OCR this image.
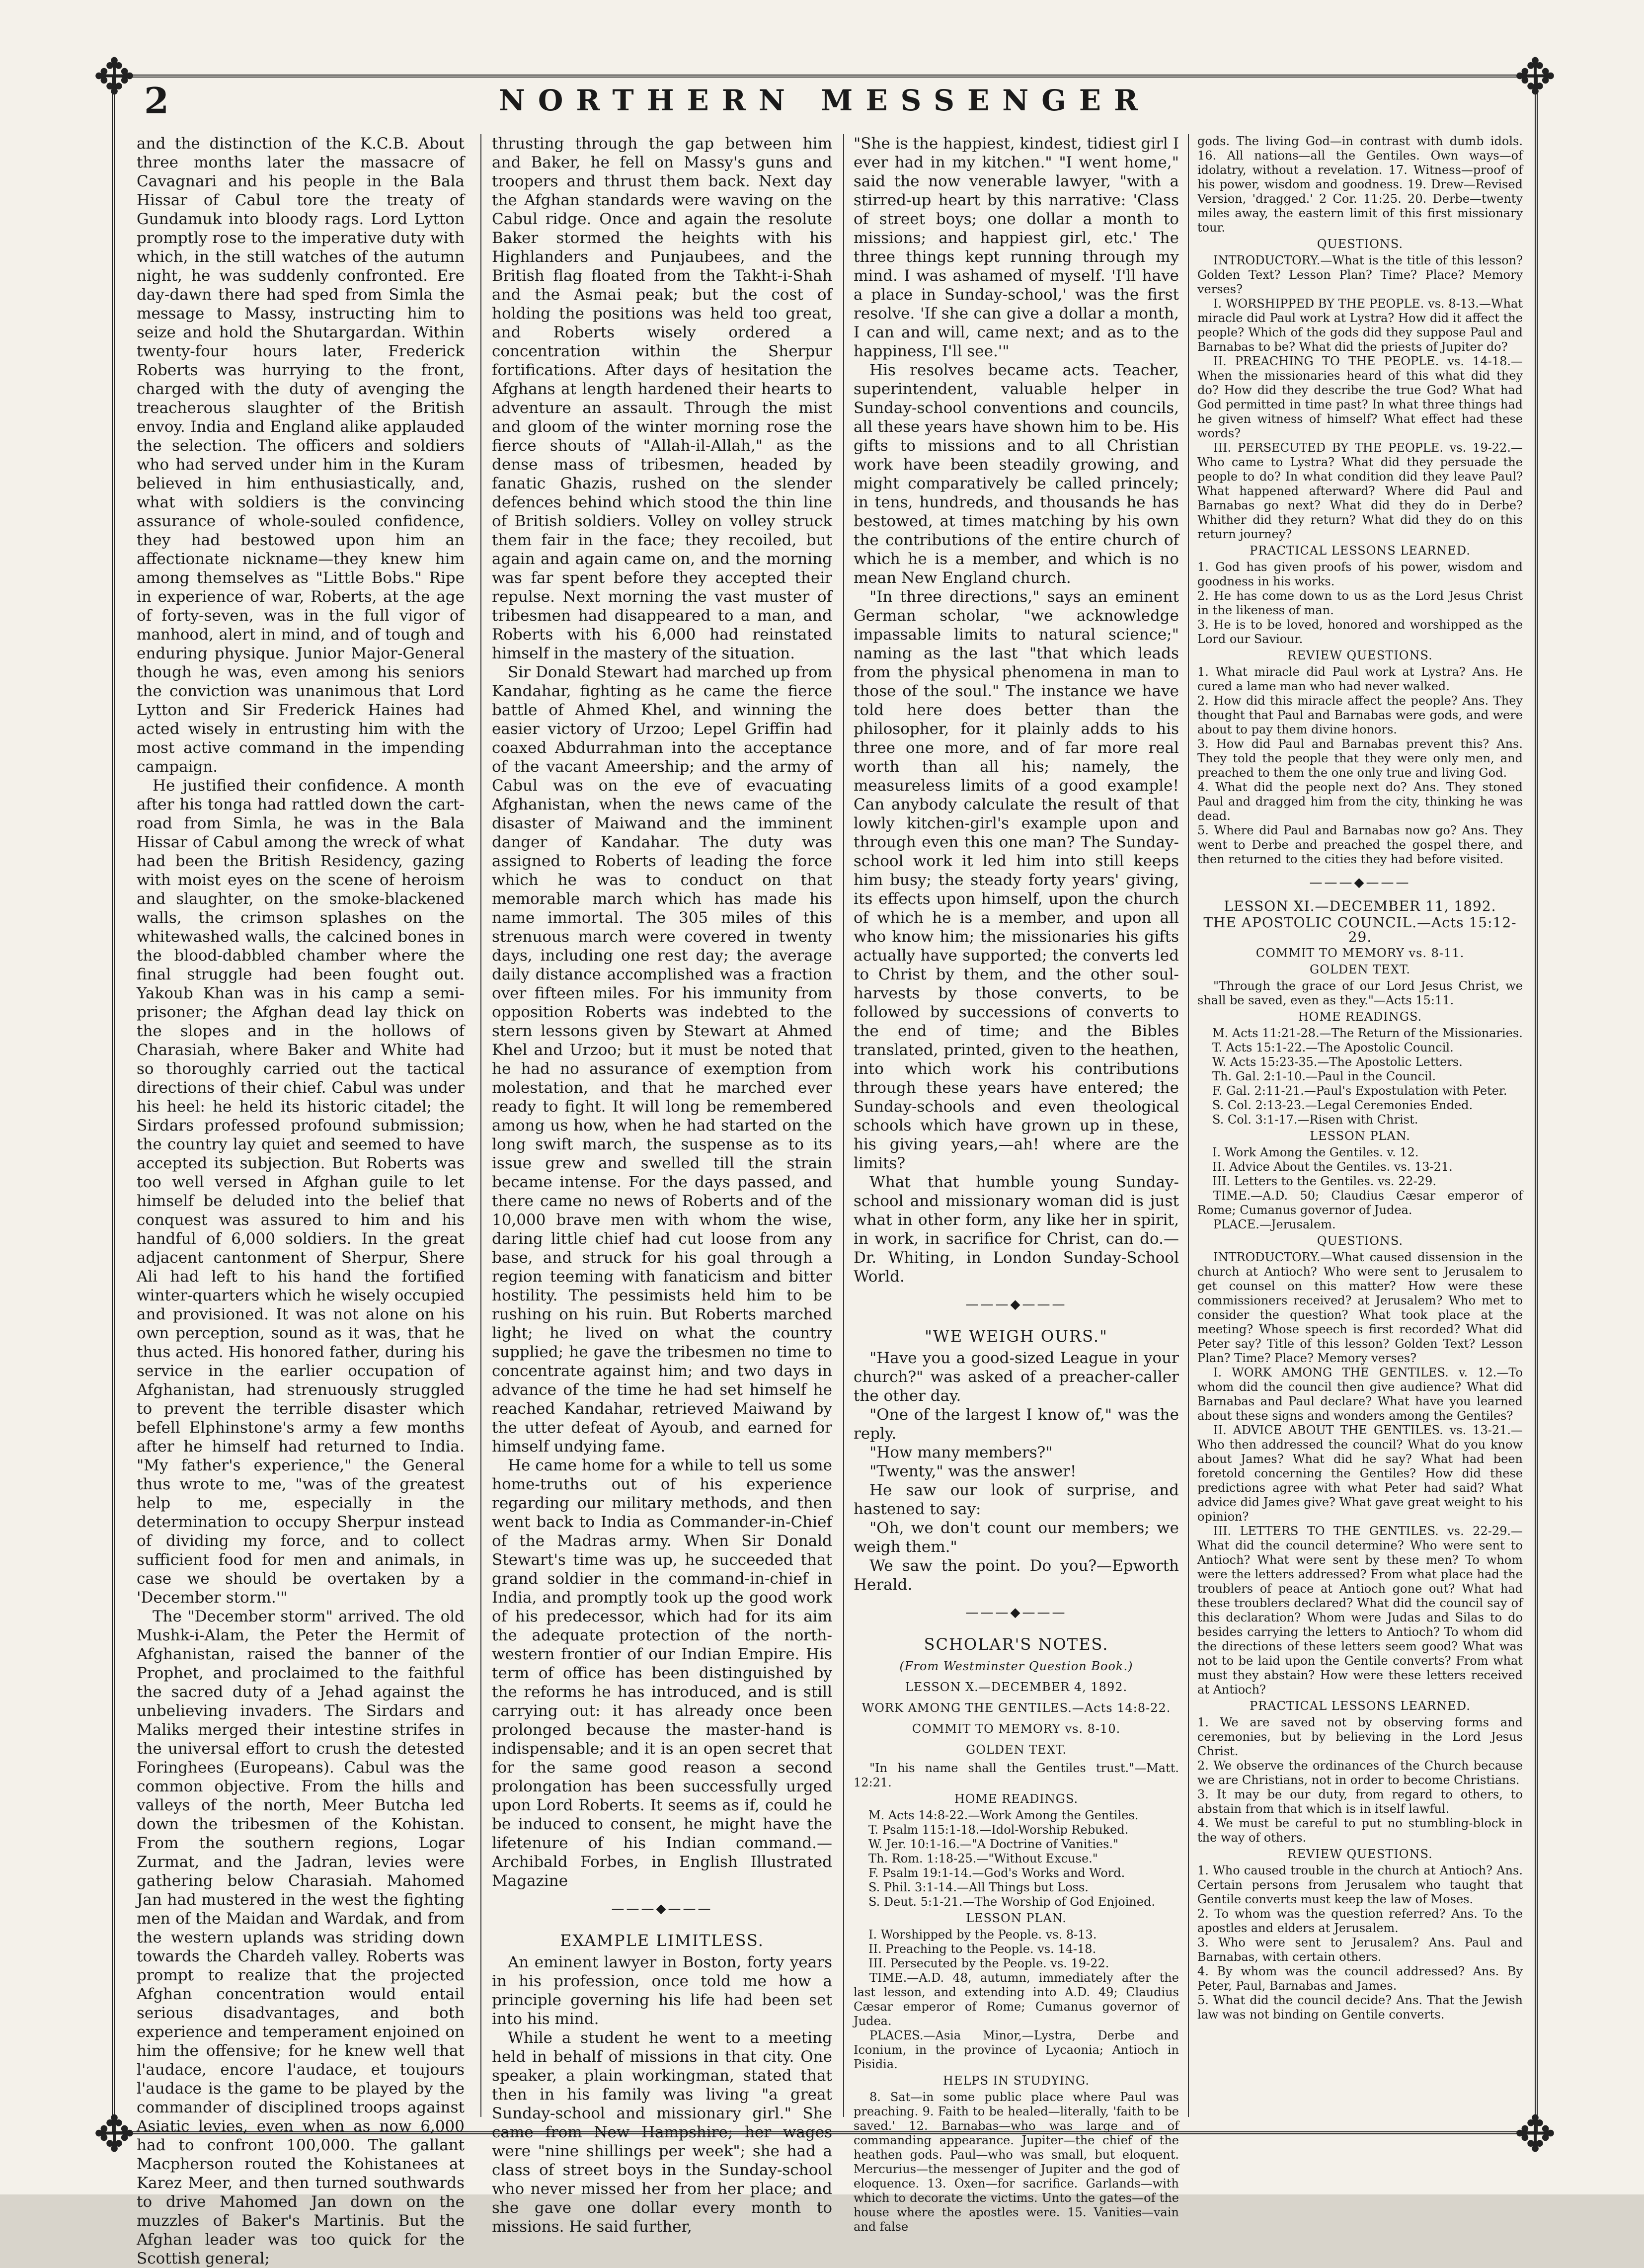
✥	✥
✥	✥
2	NORTHERN MESSENGER

and the distinction of the K.C.B. About three months later the massacre of Cavagnari and his people in the Bala Hissar of Cabul tore the treaty of Gundamuk into bloody rags. Lord Lytton promptly rose to the imperative duty with which, in the still watches of the autumn night, he was suddenly confronted. Ere day-dawn there had sped from Simla the message to Massy, instructing him to seize and hold the Shutargardan. Within twenty-four hours later, Frederick Roberts was hurrying to the front, charged with the duty of avenging the treacherous slaughter of the British envoy. India and England alike applauded the selection. The officers and soldiers who had served under him in the Kuram believed in him enthusiastically, and, what with soldiers is the convincing assurance of whole-souled confidence, they had bestowed upon him an affectionate nickname—they knew him among themselves as "Little Bobs." Ripe in experience of war, Roberts, at the age of forty-seven, was in the full vigor of manhood, alert in mind, and of tough and enduring physique. Junior Major-General though he was, even among his seniors the conviction was unanimous that Lord Lytton and Sir Frederick Haines had acted wisely in entrusting him with the most active command in the impending campaign.

He justified their confidence. A month after his tonga had rattled down the cart-road from Simla, he was in the Bala Hissar of Cabul among the wreck of what had been the British Residency, gazing with moist eyes on the scene of heroism and slaughter, on the smoke-blackened walls, the crimson splashes on the whitewashed walls, the calcined bones in the blood-dabbled chamber where the final struggle had been fought out. Yakoub Khan was in his camp a semi-prisoner; the Afghan dead lay thick on the slopes and in the hollows of Charasiah, where Baker and White had so thoroughly carried out the tactical directions of their chief. Cabul was under his heel: he held its historic citadel; the Sirdars professed profound submission; the country lay quiet and seemed to have accepted its subjection. But Roberts was too well versed in Afghan guile to let himself be deluded into the belief that conquest was assured to him and his handful of 6,000 soldiers. In the great adjacent cantonment of Sherpur, Shere Ali had left to his hand the fortified winter-quarters which he wisely occupied and provisioned. It was not alone on his own perception, sound as it was, that he thus acted. His honored father, during his service in the earlier occupation of Afghanistan, had strenuously struggled to prevent the terrible disaster which befell Elphinstone's army a few months after he himself had returned to India. "My father's experience," the General thus wrote to me, "was of the greatest help to me, especially in the determination to occupy Sherpur instead of dividing my force, and to collect sufficient food for men and animals, in case we should be overtaken by a 'December storm.'"

The "December storm" arrived. The old Mushk-i-Alam, the Peter the Hermit of Afghanistan, raised the banner of the Prophet, and proclaimed to the faithful the sacred duty of a Jehad against the unbelieving invaders. The Sirdars and Maliks merged their intestine strifes in the universal effort to crush the detested Foringhees (Europeans). Cabul was the common objective. From the hills and valleys of the north, Meer Butcha led down the tribesmen of the Kohistan. From the southern regions, Logar Zurmat, and the Jadran, levies were gathering below Charasiah. Mahomed Jan had mustered in the west the fighting men of the Maidan and Wardak, and from the western uplands was striding down towards the Chardeh valley. Roberts was prompt to realize that the projected Afghan concentration would entail serious disadvantages, and both experience and temperament enjoined on him the offensive; for he knew well that l'audace, encore l'audace, et toujours l'audace is the game to be played by the commander of disciplined troops against Asiatic levies, even when as now 6,000 had to confront 100,000. The gallant Macpherson routed the Kohistanees at Karez Meer, and then turned southwards to drive Mahomed Jan down on the muzzles of Baker's Martinis. But the Afghan leader was too quick for the Scottish general;

thrusting through the gap between him and Baker, he fell on Massy's guns and troopers and thrust them back. Next day the Afghan standards were waving on the Cabul ridge. Once and again the resolute Baker stormed the heights with his Highlanders and Punjaubees, and the British flag floated from the Takht-i-Shah and the Asmai peak; but the cost of holding the positions was held too great, and Roberts wisely ordered a concentration within the Sherpur fortifications. After days of hesitation the Afghans at length hardened their hearts to adventure an assault. Through the mist and gloom of the winter morning rose the fierce shouts of "Allah-il-Allah," as the dense mass of tribesmen, headed by fanatic Ghazis, rushed on the slender defences behind which stood the thin line of British soldiers. Volley on volley struck them fair in the face; they recoiled, but again and again came on, and the morning was far spent before they accepted their repulse. Next morning the vast muster of tribesmen had disappeared to a man, and Roberts with his 6,000 had reinstated himself in the mastery of the situation.

Sir Donald Stewart had marched up from Kandahar, fighting as he came the fierce battle of Ahmed Khel, and winning the easier victory of Urzoo; Lepel Griffin had coaxed Abdurrahman into the acceptance of the vacant Ameership; and the army of Cabul was on the eve of evacuating Afghanistan, when the news came of the disaster of Maiwand and the imminent danger of Kandahar. The duty was assigned to Roberts of leading the force which he was to conduct on that memorable march which has made his name immortal. The 305 miles of this strenuous march were covered in twenty days, including one rest day; the average daily distance accomplished was a fraction over fifteen miles. For his immunity from opposition Roberts was indebted to the stern lessons given by Stewart at Ahmed Khel and Urzoo; but it must be noted that he had no assurance of exemption from molestation, and that he marched ever ready to fight. It will long be remembered among us how, when he had started on the long swift march, the suspense as to its issue grew and swelled till the strain became intense. For the days passed, and there came no news of Roberts and of the 10,000 brave men with whom the wise, daring little chief had cut loose from any base, and struck for his goal through a region teeming with fanaticism and bitter hostility. The pessimists held him to be rushing on his ruin. But Roberts marched light; he lived on what the country supplied; he gave the tribesmen no time to concentrate against him; and two days in advance of the time he had set himself he reached Kandahar, retrieved Maiwand by the utter defeat of Ayoub, and earned for himself undying fame.

He came home for a while to tell us some home-truths out of his experience regarding our military methods, and then went back to India as Commander-in-Chief of the Madras army. When Sir Donald Stewart's time was up, he succeeded that grand soldier in the command-in-chief in India, and promptly took up the good work of his predecessor, which had for its aim the adequate protection of the north-western frontier of our Indian Empire. His term of office has been distinguished by the reforms he has introduced, and is still carrying out: it has already once been prolonged because the master-hand is indispensable; and it is an open secret that for the same good reason a second prolongation has been successfully urged upon Lord Roberts. It seems as if, could he be induced to consent, he might have the lifetenure of his Indian command.—Archibald Forbes, in English Illustrated Magazine

———◆———
EXAMPLE LIMITLESS.

An eminent lawyer in Boston, forty years in his profession, once told me how a principle governing his life had been set into his mind.

While a student he went to a meeting held in behalf of missions in that city. One speaker, a plain workingman, stated that then in his family was living "a great Sunday-school and missionary girl." She came from New Hampshire; her wages were "nine shillings per week"; she had a class of street boys in the Sunday-school who never missed her from her place; and she gave one dollar every month to missions. He said further,

"She is the happiest, kindest, tidiest girl I ever had in my kitchen." "I went home," said the now venerable lawyer, "with a stirred-up heart by this narrative: 'Class of street boys; one dollar a month to missions; and happiest girl, etc.' The three things kept running through my mind. I was ashamed of myself. 'I'll have a place in Sunday-school,' was the first resolve. 'If she can give a dollar a month, I can and will, came next; and as to the happiness, I'll see.'"

His resolves became acts. Teacher, superintendent, valuable helper in Sunday-school conventions and councils, all these years have shown him to be. His gifts to missions and to all Christian work have been steadily growing, and might comparatively be called princely; in tens, hundreds, and thousands he has bestowed, at times matching by his own the contributions of the entire church of which he is a member, and which is no mean New England church.

"In three directions," says an eminent German scholar, "we acknowledge impassable limits to natural science;" naming as the last "that which leads from the physical phenomena in man to those of the soul." The instance we have told here does better than the philosopher, for it plainly adds to his three one more, and of far more real worth than all his; namely, the measureless limits of a good example! Can anybody calculate the result of that lowly kitchen-girl's example upon and through even this one man? The Sunday-school work it led him into still keeps him busy; the steady forty years' giving, its effects upon himself, upon the church of which he is a member, and upon all who know him; the missionaries his gifts actually have supported; the converts led to Christ by them, and the other soul-harvests by those converts, to be followed by successions of converts to the end of time; and the Bibles translated, printed, given to the heathen, into which work his contributions through these years have entered; the Sunday-schools and even theological schools which have grown up in these, his giving years,—ah! where are the limits?

What that humble young Sunday-school and missionary woman did is just what in other form, any like her in spirit, in work, in sacrifice for Christ, can do.—Dr. Whiting, in London Sunday-School World.

———◆———
"WE WEIGH OURS."

"Have you a good-sized League in your church?" was asked of a preacher-caller the other day.

"One of the largest I know of," was the reply.

"How many members?"

"Twenty," was the answer!

He saw our look of surprise, and hastened to say:

"Oh, we don't count our members; we weigh them."

We saw the point. Do you?—Epworth Herald.

———◆———
SCHOLAR'S NOTES.
(From Westminster Question Book.)
LESSON X.—DECEMBER 4, 1892.
WORK AMONG THE GENTILES.—Acts 14:8-22.
COMMIT TO MEMORY vs. 8-10.
GOLDEN TEXT.

"In his name shall the Gentiles trust."—Matt. 12:21.

HOME READINGS.
M. Acts 14:8-22.—Work Among the Gentiles.
T. Psalm 115:1-18.—Idol-Worship Rebuked.
W. Jer. 10:1-16.—"A Doctrine of Vanities."
Th. Rom. 1:18-25.—"Without Excuse."
F. Psalm 19:1-14.—God's Works and Word.
S. Phil. 3:1-14.—All Things but Loss.
S. Deut. 5:1-21.—The Worship of God Enjoined.
LESSON PLAN.
I. Worshipped by the People. vs. 8-13.
II. Preaching to the People. vs. 14-18.
III. Persecuted by the People. vs. 19-22.

TIME.—A.D. 48, autumn, immediately after the last lesson, and extending into A.D. 49; Claudius Cæsar emperor of Rome; Cumanus governor of Judea.

PLACES.—Asia Minor,—Lystra, Derbe and Iconium, in the province of Lycaonia; Antioch in Pisidia.

HELPS IN STUDYING.

8. Sat—in some public place where Paul was preaching. 9. Faith to be healed—literally, 'faith to be saved.' 12. Barnabas—who was large and of commanding appearance. Jupiter—the chief of the heathen gods. Paul—who was small, but eloquent. Mercurius—the messenger of Jupiter and the god of eloquence. 13. Oxen—for sacrifice. Garlands—with which to decorate the victims. Unto the gates—of the house where the apostles were. 15. Vanities—vain and false

gods. The living God—in contrast with dumb idols. 16. All nations—all the Gentiles. Own ways—of idolatry, without a revelation. 17. Witness—proof of his power, wisdom and goodness. 19. Drew—Revised Version, 'dragged.' 2 Cor. 11:25. 20. Derbe—twenty miles away, the eastern limit of this first missionary tour.

QUESTIONS.

INTRODUCTORY.—What is the title of this lesson? Golden Text? Lesson Plan? Time? Place? Memory verses?

I. WORSHIPPED BY THE PEOPLE. vs. 8-13.—What miracle did Paul work at Lystra? How did it affect the people? Which of the gods did they suppose Paul and Barnabas to be? What did the priests of Jupiter do?

II. PREACHING TO THE PEOPLE. vs. 14-18.—When the missionaries heard of this what did they do? How did they describe the true God? What had God permitted in time past? In what three things had he given witness of himself? What effect had these words?

III. PERSECUTED BY THE PEOPLE. vs. 19-22.—Who came to Lystra? What did they persuade the people to do? In what condition did they leave Paul? What happened afterward? Where did Paul and Barnabas go next? What did they do in Derbe? Whither did they return? What did they do on this return journey?

PRACTICAL LESSONS LEARNED.
1. God has given proofs of his power, wisdom and goodness in his works.
2. He has come down to us as the Lord Jesus Christ in the likeness of man.
3. He is to be loved, honored and worshipped as the Lord our Saviour.
REVIEW QUESTIONS.
1. What miracle did Paul work at Lystra? Ans. He cured a lame man who had never walked.
2. How did this miracle affect the people? Ans. They thought that Paul and Barnabas were gods, and were about to pay them divine honors.
3. How did Paul and Barnabas prevent this? Ans. They told the people that they were only men, and preached to them the one only true and living God.
4. What did the people next do? Ans. They stoned Paul and dragged him from the city, thinking he was dead.
5. Where did Paul and Barnabas now go? Ans. They went to Derbe and preached the gospel there, and then returned to the cities they had before visited.
———◆———
LESSON XI.—DECEMBER 11, 1892.
THE APOSTOLIC COUNCIL.—Acts 15:12-29.
COMMIT TO MEMORY vs. 8-11.
GOLDEN TEXT.

"Through the grace of our Lord Jesus Christ, we shall be saved, even as they."—Acts 15:11.

HOME READINGS.
M. Acts 11:21-28.—The Return of the Missionaries.
T. Acts 15:1-22.—The Apostolic Council.
W. Acts 15:23-35.—The Apostolic Letters.
Th. Gal. 2:1-10.—Paul in the Council.
F. Gal. 2:11-21.—Paul's Expostulation with Peter.
S. Col. 2:13-23.—Legal Ceremonies Ended.
S. Col. 3:1-17.—Risen with Christ.
LESSON PLAN.
I. Work Among the Gentiles. v. 12.
II. Advice About the Gentiles. vs. 13-21.
III. Letters to the Gentiles. vs. 22-29.

TIME.—A.D. 50; Claudius Cæsar emperor of Rome; Cumanus governor of Judea.

PLACE.—Jerusalem.

QUESTIONS.

INTRODUCTORY.—What caused dissension in the church at Antioch? Who were sent to Jerusalem to get counsel on this matter? How were these commissioners received? at Jerusalem? Who met to consider the question? What took place at the meeting? Whose speech is first recorded? What did Peter say? Title of this lesson? Golden Text? Lesson Plan? Time? Place? Memory verses?

I. WORK AMONG THE GENTILES. v. 12.—To whom did the council then give audience? What did Barnabas and Paul declare? What have you learned about these signs and wonders among the Gentiles?

II. ADVICE ABOUT THE GENTILES. vs. 13-21.—Who then addressed the council? What do you know about James? What did he say? What had been foretold concerning the Gentiles? How did these predictions agree with what Peter had said? What advice did James give? What gave great weight to his opinion?

III. LETTERS TO THE GENTILES. vs. 22-29.—What did the council determine? Who were sent to Antioch? What were sent by these men? To whom were the letters addressed? From what place had the troublers of peace at Antioch gone out? What had these troublers declared? What did the council say of this declaration? Whom were Judas and Silas to do besides carrying the letters to Antioch? To whom did the directions of these letters seem good? What was not to be laid upon the Gentile converts? From what must they abstain? How were these letters received at Antioch?

PRACTICAL LESSONS LEARNED.
1. We are saved not by observing forms and ceremonies, but by believing in the Lord Jesus Christ.
2. We observe the ordinances of the Church because we are Christians, not in order to become Christians.
3. It may be our duty, from regard to others, to abstain from that which is in itself lawful.
4. We must be careful to put no stumbling-block in the way of others.
REVIEW QUESTIONS.
1. Who caused trouble in the church at Antioch? Ans. Certain persons from Jerusalem who taught that Gentile converts must keep the law of Moses.
2. To whom was the question referred? Ans. To the apostles and elders at Jerusalem.
3. Who were sent to Jerusalem? Ans. Paul and Barnabas, with certain others.
4. By whom was the council addressed? Ans. By Peter, Paul, Barnabas and James.
5. What did the council decide? Ans. That the Jewish law was not binding on Gentile converts.
